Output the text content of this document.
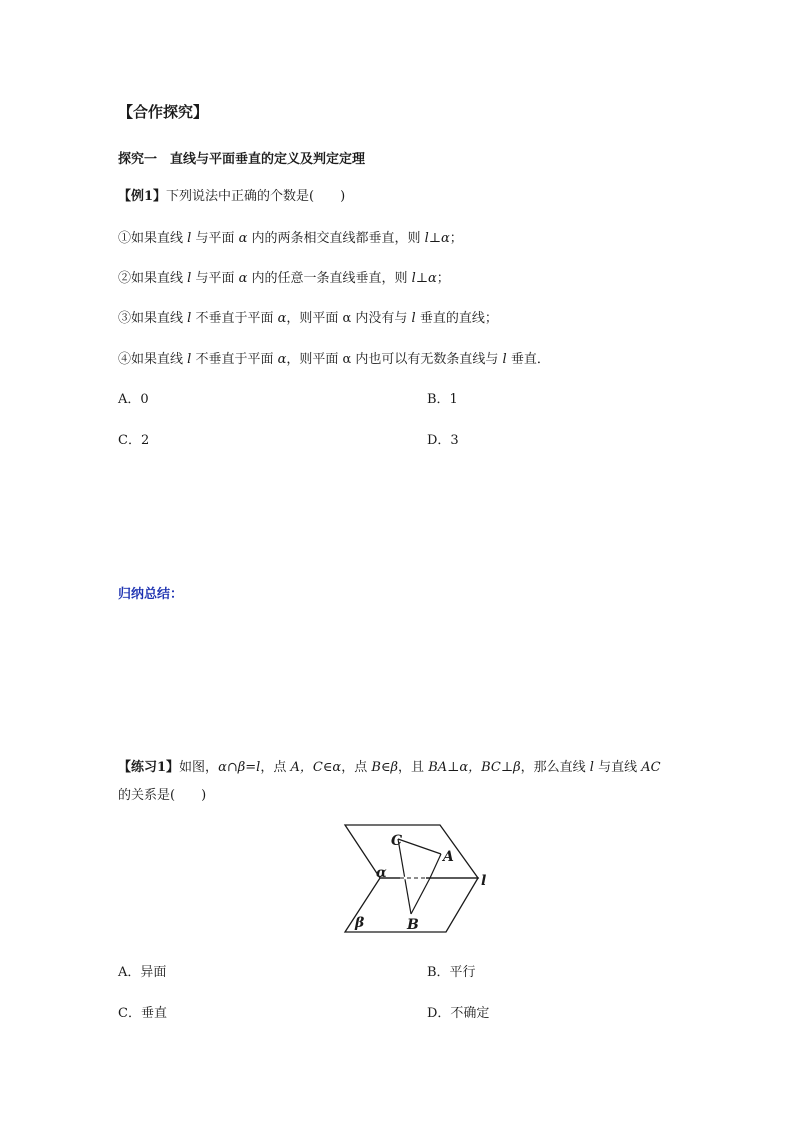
【合作探究】
探究一　直线与平面垂直的定义及判定定理
【例1】下列说法中正确的个数是(　　)
①如果直线 l 与平面 α 内的两条相交直线都垂直，则 l⊥α；
②如果直线 l 与平面 α 内的任意一条直线垂直，则 l⊥α；
③如果直线 l 不垂直于平面 α，则平面 α 内没有与 l 垂直的直线；
④如果直线 l 不垂直于平面 α，则平面 α 内也可以有无数条直线与 l 垂直．
A．0	B．1
C．2	D．3
归纳总结：
【练习1】如图，α∩β=l，点 A，C∈α，点 B∈β，且 BA⊥α，BC⊥β，那么直线 l 与直线 AC
的关系是(　　)
C
A
α	l
β	B
A．异面	B．平行
C．垂直	D．不确定
